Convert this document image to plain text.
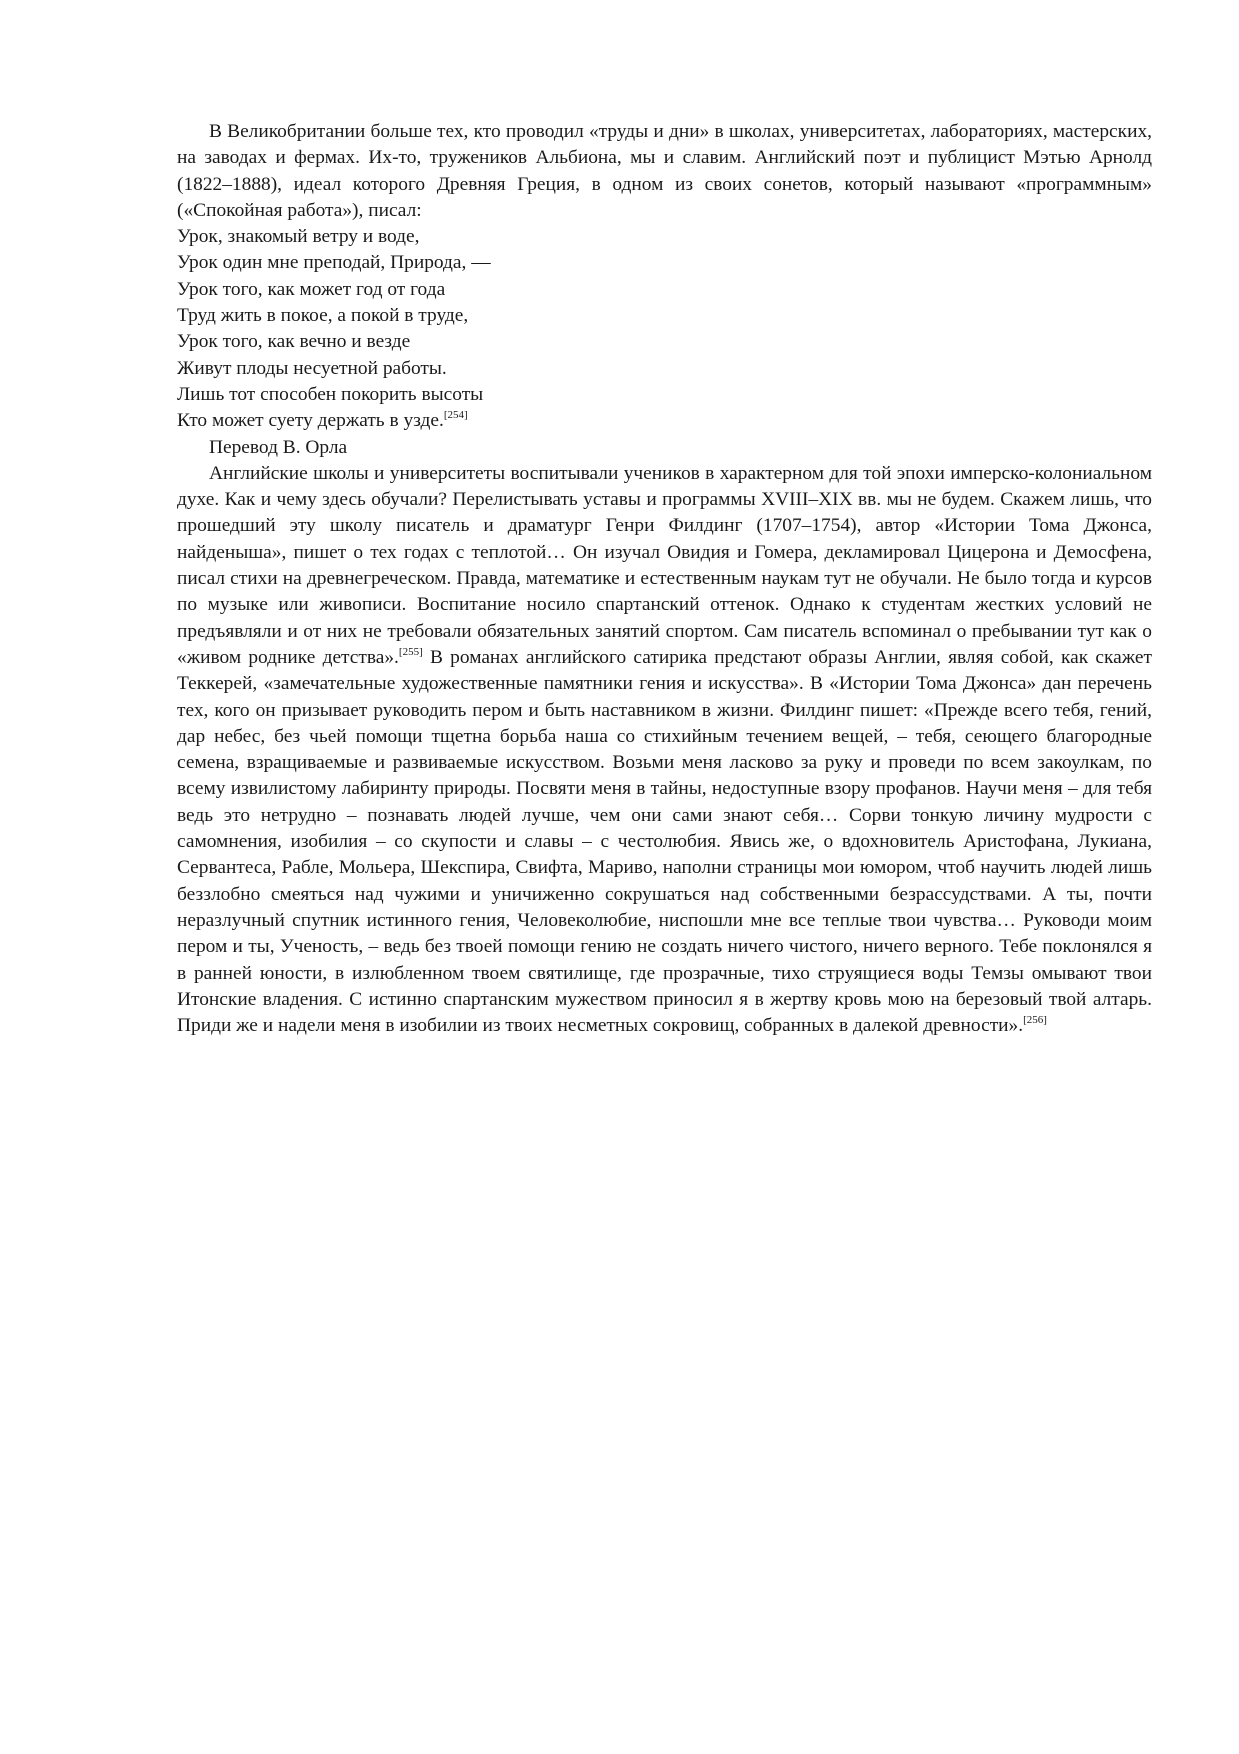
В Великобритании больше тех, кто проводил «труды и дни» в школах, университетах, лабораториях, мастерских, на заводах и фермах. Их-то, тружеников Альбиона, мы и славим. Английский поэт и публицист Мэтью Арнолд (1822–1888), идеал которого Древняя Греция, в одном из своих сонетов, который называют «программным» («Спокойная работа»), писал:

Урок, знакомый ветру и воде,

Урок один мне преподай, Природа, —

Урок того, как может год от года

Труд жить в покое, а покой в труде,

Урок того, как вечно и везде

Живут плоды несуетной работы.

Лишь тот способен покорить высоты

Кто может суету держать в узде.[254]

Перевод В. Орла

Английские школы и университеты воспитывали учеников в характерном для той эпохи имперско-колониальном духе. Как и чему здесь обучали? Перелистывать уставы и программы XVIII–XIX вв. мы не будем. Скажем лишь, что прошедший эту школу писатель и драматург Генри Филдинг (1707–1754), автор «Истории Тома Джонса, найденыша», пишет о тех годах с теплотой… Он изучал Овидия и Гомера, декламировал Цицерона и Демосфена, писал стихи на древнегреческом. Правда, математике и естественным наукам тут не обучали. Не было тогда и курсов по музыке или живописи. Воспитание носило спартанский оттенок. Однако к студентам жестких условий не предъявляли и от них не требовали обязательных занятий спортом. Сам писатель вспоминал о пребывании тут как о «живом роднике детства».[255] В романах английского сатирика предстают образы Англии, являя собой, как скажет Теккерей, «замечательные художественные памятники гения и искусства». В «Истории Тома Джонса» дан перечень тех, кого он призывает руководить пером и быть наставником в жизни. Филдинг пишет: «Прежде всего тебя, гений, дар небес, без чьей помощи тщетна борьба наша со стихийным течением вещей, – тебя, сеющего благородные семена, взращиваемые и развиваемые искусством. Возьми меня ласково за руку и проведи по всем закоулкам, по всему извилистому лабиринту природы. Посвяти меня в тайны, недоступные взору профанов. Научи меня – для тебя ведь это нетрудно – познавать людей лучше, чем они сами знают себя… Сорви тонкую личину мудрости с самомнения, изобилия – со скупости и славы – с честолюбия. Явись же, о вдохновитель Аристофана, Лукиана, Сервантеса, Рабле, Мольера, Шекспира, Свифта, Мариво, наполни страницы мои юмором, чтоб научить людей лишь беззлобно смеяться над чужими и уничиженно сокрушаться над собственными безрассудствами. А ты, почти неразлучный спутник истинного гения, Человеколюбие, ниспошли мне все теплые твои чувства… Руководи моим пером и ты, Ученость, – ведь без твоей помощи гению не создать ничего чистого, ничего верного. Тебе поклонялся я в ранней юности, в излюбленном твоем святилище, где прозрачные, тихо струящиеся воды Темзы омывают твои Итонские владения. С истинно спартанским мужеством приносил я в жертву кровь мою на березовый твой алтарь. Приди же и надели меня в изобилии из твоих несметных сокровищ, собранных в далекой древности».[256]
